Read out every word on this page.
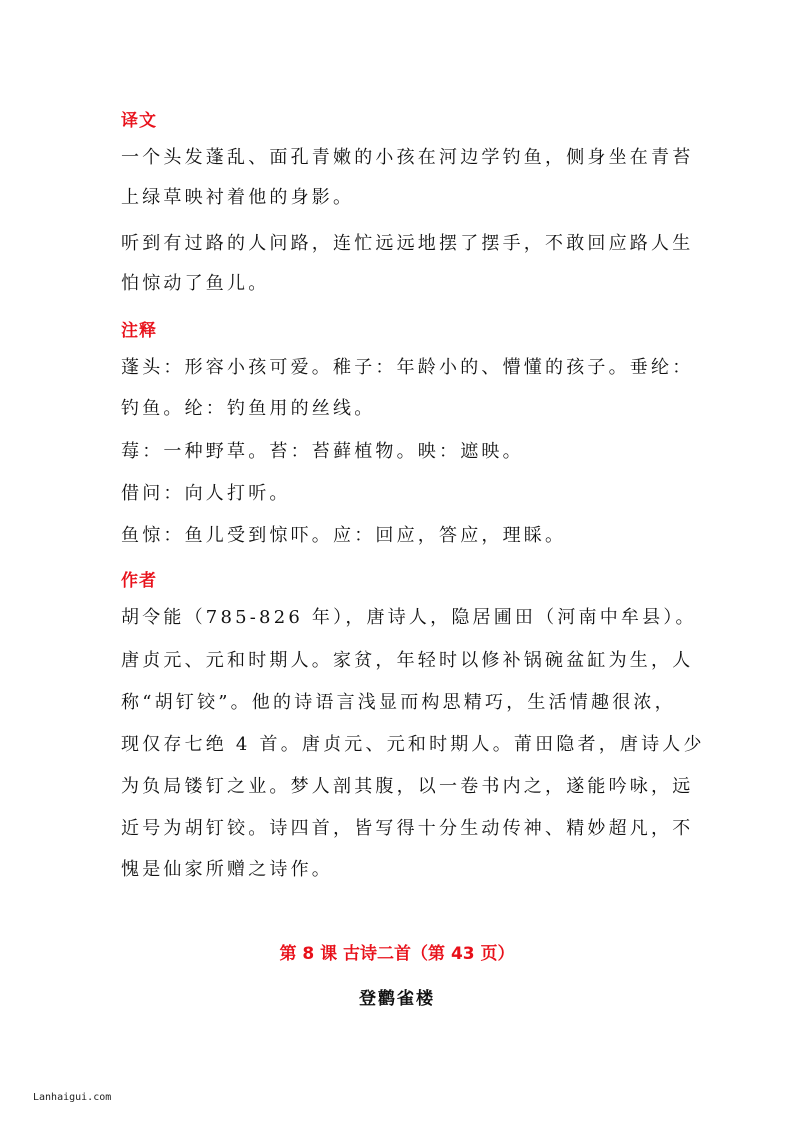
译文
一个头发蓬乱、面孔青嫩的小孩在河边学钓鱼，侧身坐在青苔
上绿草映衬着他的身影。
听到有过路的人问路，连忙远远地摆了摆手，不敢回应路人生
怕惊动了鱼儿。
注释
蓬头：形容小孩可爱。稚子：年龄小的、懵懂的孩子。垂纶：
钓鱼。纶：钓鱼用的丝线。
莓：一种野草。苔：苔藓植物。映：遮映。
借问：向人打听。
鱼惊：鱼儿受到惊吓。应：回应，答应，理睬。
作者
胡令能（785-826 年），唐诗人，隐居圃田（河南中牟县）。
唐贞元、元和时期人。家贫，年轻时以修补锅碗盆缸为生，人
称“胡钉铰”。他的诗语言浅显而构思精巧，生活情趣很浓，
现仅存七绝 4 首。唐贞元、元和时期人。莆田隐者，唐诗人少
为负局镂钉之业。梦人剖其腹，以一卷书内之，遂能吟咏，远
近号为胡钉铰。诗四首，皆写得十分生动传神、精妙超凡，不
愧是仙家所赠之诗作。
第 8 课 古诗二首（第 43 页）
登鹳雀楼
Lanhaigui.com
